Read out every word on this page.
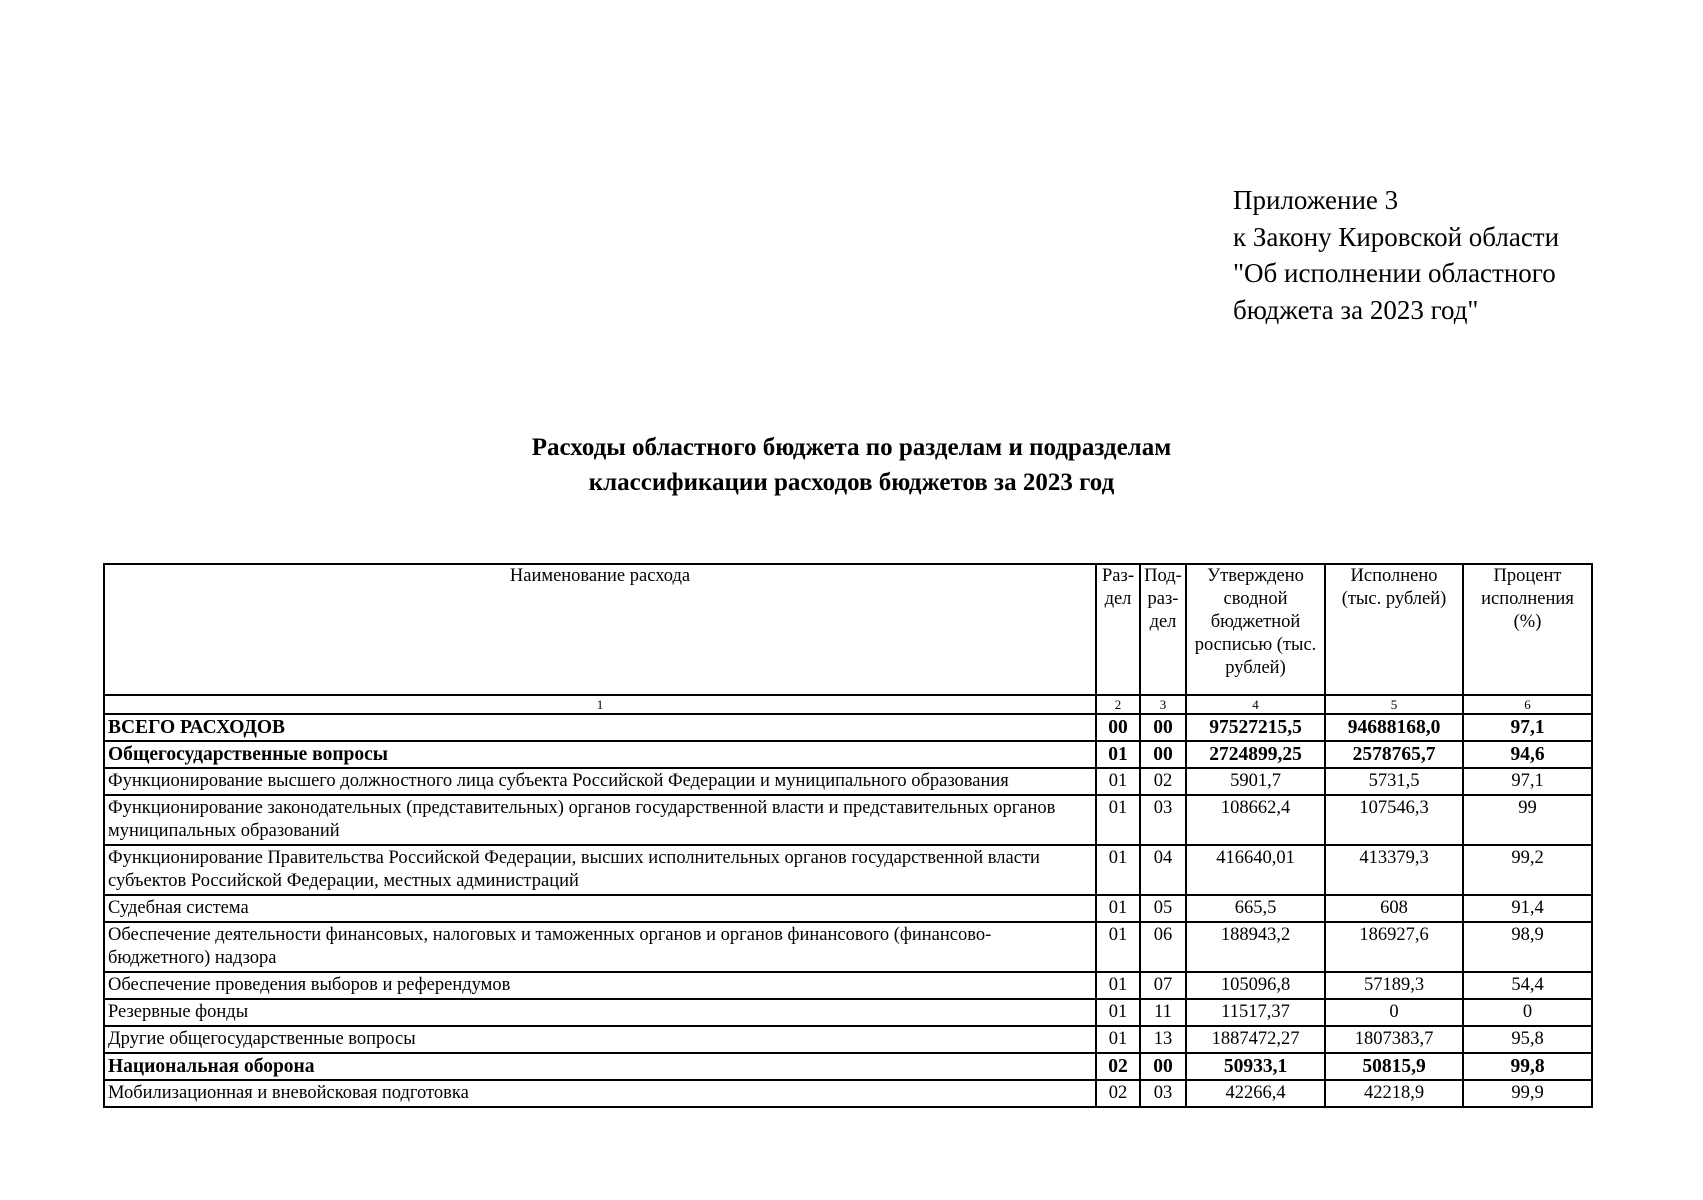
Приложение 3
к Закону Кировской области
"Об исполнении областного
бюджета за 2023 год"
Расходы областного бюджета по разделам и подразделам
классификации расходов бюджетов за 2023 год
Наименование расхода	Раз- дел	Под- раз- дел	Утверждено сводной бюджетной росписью (тыс. рублей)	Исполнено (тыс. рублей)	Процент исполнения (%)
1	2	3	4	5	6
ВСЕГО РАСХОДОВ	00	00	97527215,5	94688168,0	97,1
Общегосударственные вопросы	01	00	2724899,25	2578765,7	94,6
Функционирование высшего должностного лица субъекта Российской Федерации и муниципального образования	01	02	5901,7	5731,5	97,1
Функционирование законодательных (представительных) органов государственной власти и представительных органов муниципальных образований	01	03	108662,4	107546,3	99
Функционирование Правительства Российской Федерации, высших исполнительных органов государственной власти субъектов Российской Федерации, местных администраций	01	04	416640,01	413379,3	99,2
Судебная система	01	05	665,5	608	91,4
Обеспечение деятельности финансовых, налоговых и таможенных органов и органов финансового (финансово-бюджетного) надзора	01	06	188943,2	186927,6	98,9
Обеспечение проведения выборов и референдумов	01	07	105096,8	57189,3	54,4
Резервные фонды	01	11	11517,37	0	0
Другие общегосударственные вопросы	01	13	1887472,27	1807383,7	95,8
Национальная оборона	02	00	50933,1	50815,9	99,8
Мобилизационная и вневойсковая подготовка	02	03	42266,4	42218,9	99,9
